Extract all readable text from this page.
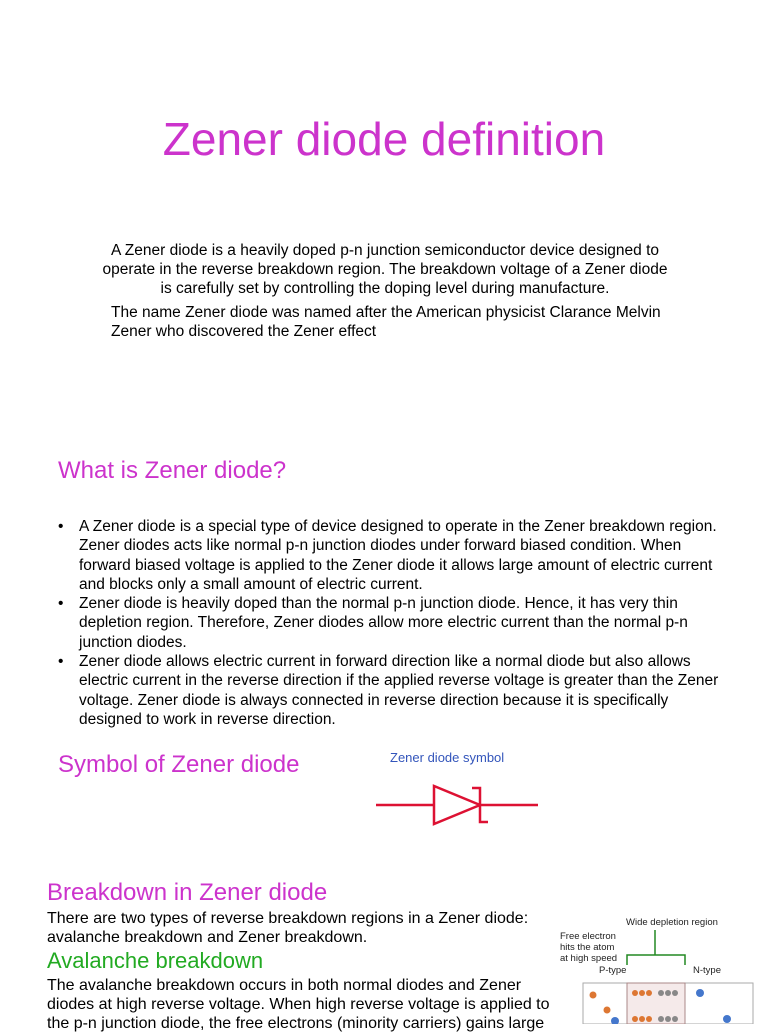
Zener diode definition
A Zener diode is a heavily doped p-n junction semiconductor device designed to operate in the reverse breakdown region. The breakdown voltage of a Zener diode is carefully set by controlling the doping level during manufacture.
The name Zener diode was named after the American physicist Clarance Melvin Zener who discovered the Zener effect
What is Zener diode?
• A Zener diode is a special type of device designed to operate in the Zener breakdown region. Zener diodes acts like normal p-n junction diodes under forward biased condition. When forward biased voltage is applied to the Zener diode it allows large amount of electric current and blocks only a small amount of electric current.
• Zener diode is heavily doped than the normal p-n junction diode. Hence, it has very thin depletion region. Therefore, Zener diodes allow more electric current than the normal p-n junction diodes.
• Zener diode allows electric current in forward direction like a normal diode but also allows electric current in the reverse direction if the applied reverse voltage is greater than the Zener voltage. Zener diode is always connected in reverse direction because it is specifically designed to work in reverse direction.
Symbol of Zener diode	Zener diode symbol
Breakdown in Zener diode
There are two types of reverse breakdown regions in a Zener diode: avalanche breakdown and Zener breakdown.
Avalanche breakdown
The avalanche breakdown occurs in both normal diodes and Zener diodes at high reverse voltage. When high reverse voltage is applied to the p-n junction diode, the free electrons (minority carriers) gains large
Wide depletion region
Free electron hits the atom at high speed
P-type	N-type
